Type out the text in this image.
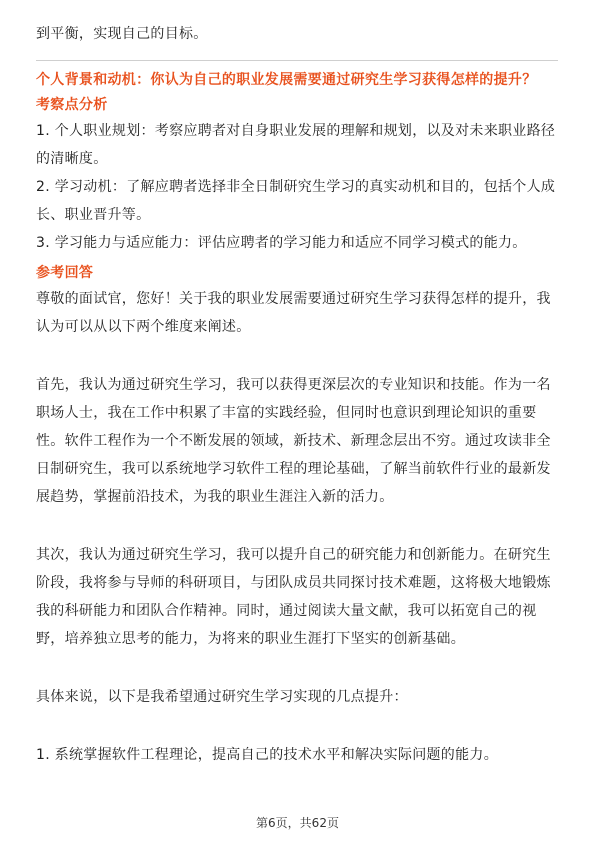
到平衡，实现自己的目标。

个人背景和动机：你认为自己的职业发展需要通过研究生学习获得怎样的提升？

考察点分析

1. 个人职业规划：考察应聘者对自身职业发展的理解和规划，以及对未来职业路径的清晰度。

2. 学习动机：了解应聘者选择非全日制研究生学习的真实动机和目的，包括个人成长、职业晋升等。

3. 学习能力与适应能力：评估应聘者的学习能力和适应不同学习模式的能力。

参考回答

尊敬的面试官，您好！关于我的职业发展需要通过研究生学习获得怎样的提升，我认为可以从以下两个维度来阐述。

首先，我认为通过研究生学习，我可以获得更深层次的专业知识和技能。作为一名职场人士，我在工作中积累了丰富的实践经验，但同时也意识到理论知识的重要性。软件工程作为一个不断发展的领域，新技术、新理念层出不穷。通过攻读非全日制研究生，我可以系统地学习软件工程的理论基础，了解当前软件行业的最新发展趋势，掌握前沿技术，为我的职业生涯注入新的活力。

其次，我认为通过研究生学习，我可以提升自己的研究能力和创新能力。在研究生阶段，我将参与导师的科研项目，与团队成员共同探讨技术难题，这将极大地锻炼我的科研能力和团队合作精神。同时，通过阅读大量文献，我可以拓宽自己的视野，培养独立思考的能力，为将来的职业生涯打下坚实的创新基础。

具体来说，以下是我希望通过研究生学习实现的几点提升：

1. 系统掌握软件工程理论，提高自己的技术水平和解决实际问题的能力。

第6页，共62页
